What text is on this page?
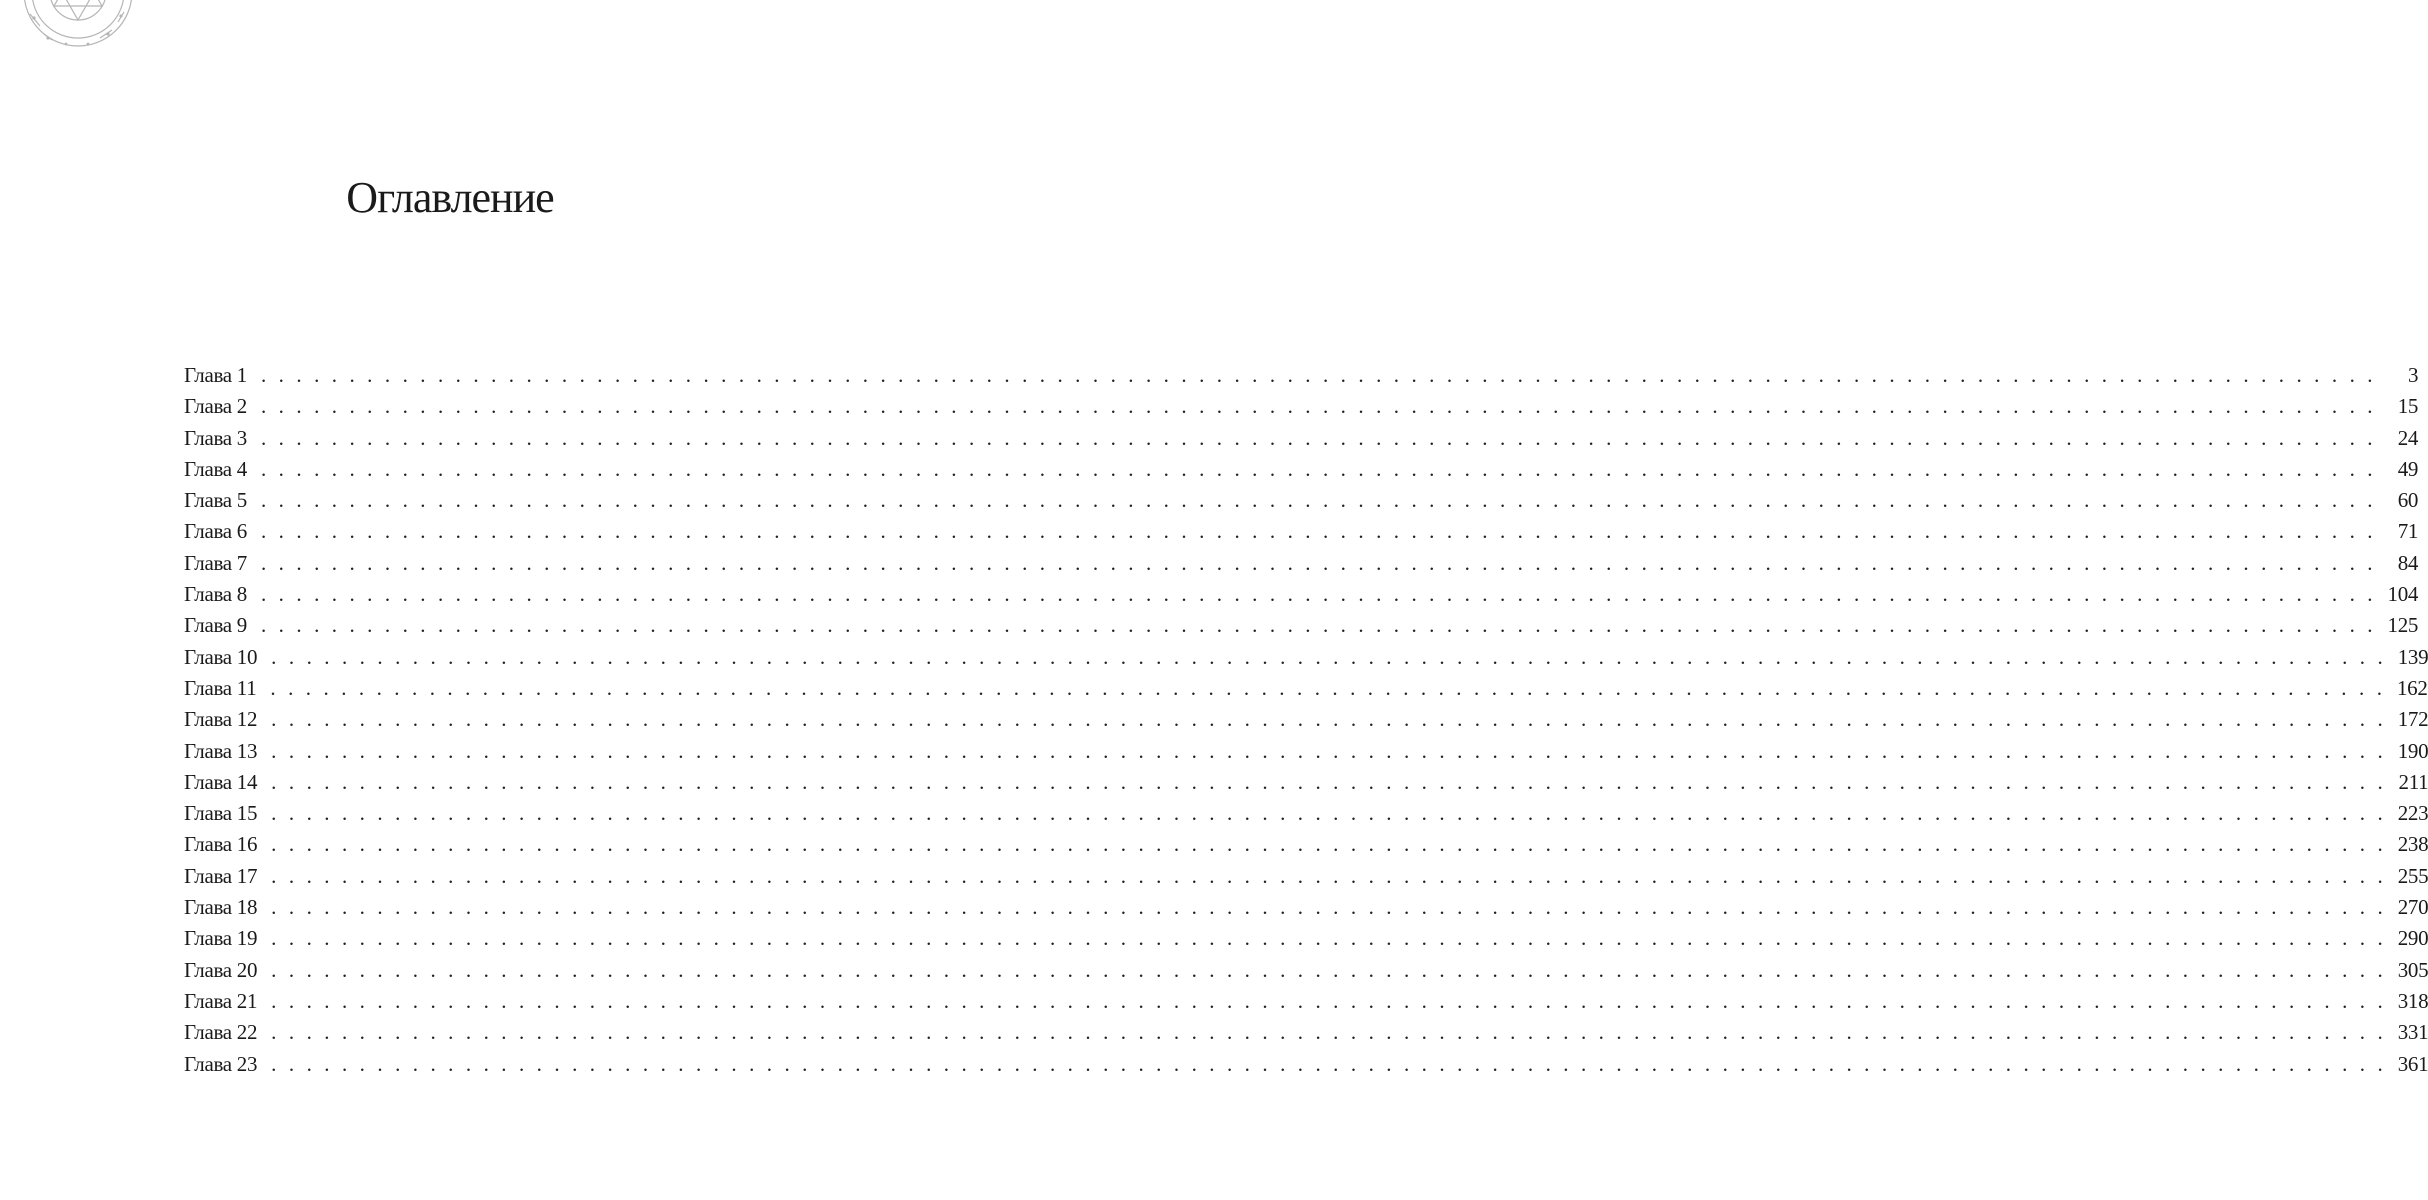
Оглавление
Глава 1 . . . . . . . . . . . . . . . . . . . . . . . . . . . . . . . . . . . . . . . . . . . . . . . . . . . . . . . . . . . . . . . . . . . . . . . . . . . . . . . . . . . . . . . . . . . . . . . . . . . . . . . . . . . . . . . . . . . . . . . .	3
Глава 2 . . . . . . . . . . . . . . . . . . . . . . . . . . . . . . . . . . . . . . . . . . . . . . . . . . . . . . . . . . . . . . . . . . . . . . . . . . . . . . . . . . . . . . . . . . . . . . . . . . . . . . . . . . . . . . . . . . . . . . . .	15
Глава 3 . . . . . . . . . . . . . . . . . . . . . . . . . . . . . . . . . . . . . . . . . . . . . . . . . . . . . . . . . . . . . . . . . . . . . . . . . . . . . . . . . . . . . . . . . . . . . . . . . . . . . . . . . . . . . . . . . . . . . . . .	24
Глава 4 . . . . . . . . . . . . . . . . . . . . . . . . . . . . . . . . . . . . . . . . . . . . . . . . . . . . . . . . . . . . . . . . . . . . . . . . . . . . . . . . . . . . . . . . . . . . . . . . . . . . . . . . . . . . . . . . . . . . . . . .	49
Глава 5 . . . . . . . . . . . . . . . . . . . . . . . . . . . . . . . . . . . . . . . . . . . . . . . . . . . . . . . . . . . . . . . . . . . . . . . . . . . . . . . . . . . . . . . . . . . . . . . . . . . . . . . . . . . . . . . . . . . . . . . .	60
Глава 6 . . . . . . . . . . . . . . . . . . . . . . . . . . . . . . . . . . . . . . . . . . . . . . . . . . . . . . . . . . . . . . . . . . . . . . . . . . . . . . . . . . . . . . . . . . . . . . . . . . . . . . . . . . . . . . . . . . . . . . . .	71
Глава 7 . . . . . . . . . . . . . . . . . . . . . . . . . . . . . . . . . . . . . . . . . . . . . . . . . . . . . . . . . . . . . . . . . . . . . . . . . . . . . . . . . . . . . . . . . . . . . . . . . . . . . . . . . . . . . . . . . . . . . . . .	84
Глава 8 . . . . . . . . . . . . . . . . . . . . . . . . . . . . . . . . . . . . . . . . . . . . . . . . . . . . . . . . . . . . . . . . . . . . . . . . . . . . . . . . . . . . . . . . . . . . . . . . . . . . . . . . . . . . . . . . . . . . . . . . 104
Глава 9 . . . . . . . . . . . . . . . . . . . . . . . . . . . . . . . . . . . . . . . . . . . . . . . . . . . . . . . . . . . . . . . . . . . . . . . . . . . . . . . . . . . . . . . . . . . . . . . . . . . . . . . . . . . . . . . . . . . . . . . . 125
Глава 10 . . . . . . . . . . . . . . . . . . . . . . . . . . . . . . . . . . . . . . . . . . . . . . . . . . . . . . . . . . . . . . . . . . . . . . . . . . . . . . . . . . . . . . . . . . . . . . . . . . . . . . . . . . . . . . . . . . . . . . . . 139
Глава 11 . . . . . . . . . . . . . . . . . . . . . . . . . . . . . . . . . . . . . . . . . . . . . . . . . . . . . . . . . . . . . . . . . . . . . . . . . . . . . . . . . . . . . . . . . . . . . . . . . . . . . . . . . . . . . . . . . . . . . . . . 162
Глава 12 . . . . . . . . . . . . . . . . . . . . . . . . . . . . . . . . . . . . . . . . . . . . . . . . . . . . . . . . . . . . . . . . . . . . . . . . . . . . . . . . . . . . . . . . . . . . . . . . . . . . . . . . . . . . . . . . . . . . . . . . 172
Глава 13 . . . . . . . . . . . . . . . . . . . . . . . . . . . . . . . . . . . . . . . . . . . . . . . . . . . . . . . . . . . . . . . . . . . . . . . . . . . . . . . . . . . . . . . . . . . . . . . . . . . . . . . . . . . . . . . . . . . . . . . . 190
Глава 14 . . . . . . . . . . . . . . . . . . . . . . . . . . . . . . . . . . . . . . . . . . . . . . . . . . . . . . . . . . . . . . . . . . . . . . . . . . . . . . . . . . . . . . . . . . . . . . . . . . . . . . . . . . . . . . . . . . . . . . . . 211
Глава 15 . . . . . . . . . . . . . . . . . . . . . . . . . . . . . . . . . . . . . . . . . . . . . . . . . . . . . . . . . . . . . . . . . . . . . . . . . . . . . . . . . . . . . . . . . . . . . . . . . . . . . . . . . . . . . . . . . . . . . . . . 223
Глава 16 . . . . . . . . . . . . . . . . . . . . . . . . . . . . . . . . . . . . . . . . . . . . . . . . . . . . . . . . . . . . . . . . . . . . . . . . . . . . . . . . . . . . . . . . . . . . . . . . . . . . . . . . . . . . . . . . . . . . . . . . 238
Глава 17 . . . . . . . . . . . . . . . . . . . . . . . . . . . . . . . . . . . . . . . . . . . . . . . . . . . . . . . . . . . . . . . . . . . . . . . . . . . . . . . . . . . . . . . . . . . . . . . . . . . . . . . . . . . . . . . . . . . . . . . . 255
Глава 18 . . . . . . . . . . . . . . . . . . . . . . . . . . . . . . . . . . . . . . . . . . . . . . . . . . . . . . . . . . . . . . . . . . . . . . . . . . . . . . . . . . . . . . . . . . . . . . . . . . . . . . . . . . . . . . . . . . . . . . . . 270
Глава 19 . . . . . . . . . . . . . . . . . . . . . . . . . . . . . . . . . . . . . . . . . . . . . . . . . . . . . . . . . . . . . . . . . . . . . . . . . . . . . . . . . . . . . . . . . . . . . . . . . . . . . . . . . . . . . . . . . . . . . . . . 290
Глава 20 . . . . . . . . . . . . . . . . . . . . . . . . . . . . . . . . . . . . . . . . . . . . . . . . . . . . . . . . . . . . . . . . . . . . . . . . . . . . . . . . . . . . . . . . . . . . . . . . . . . . . . . . . . . . . . . . . . . . . . . . 305
Глава 21 . . . . . . . . . . . . . . . . . . . . . . . . . . . . . . . . . . . . . . . . . . . . . . . . . . . . . . . . . . . . . . . . . . . . . . . . . . . . . . . . . . . . . . . . . . . . . . . . . . . . . . . . . . . . . . . . . . . . . . . . 318
Глава 22 . . . . . . . . . . . . . . . . . . . . . . . . . . . . . . . . . . . . . . . . . . . . . . . . . . . . . . . . . . . . . . . . . . . . . . . . . . . . . . . . . . . . . . . . . . . . . . . . . . . . . . . . . . . . . . . . . . . . . . . . 331
Глава 23 . . . . . . . . . . . . . . . . . . . . . . . . . . . . . . . . . . . . . . . . . . . . . . . . . . . . . . . . . . . . . . . . . . . . . . . . . . . . . . . . . . . . . . . . . . . . . . . . . . . . . . . . . . . . . . . . . . . . . . . . 361
